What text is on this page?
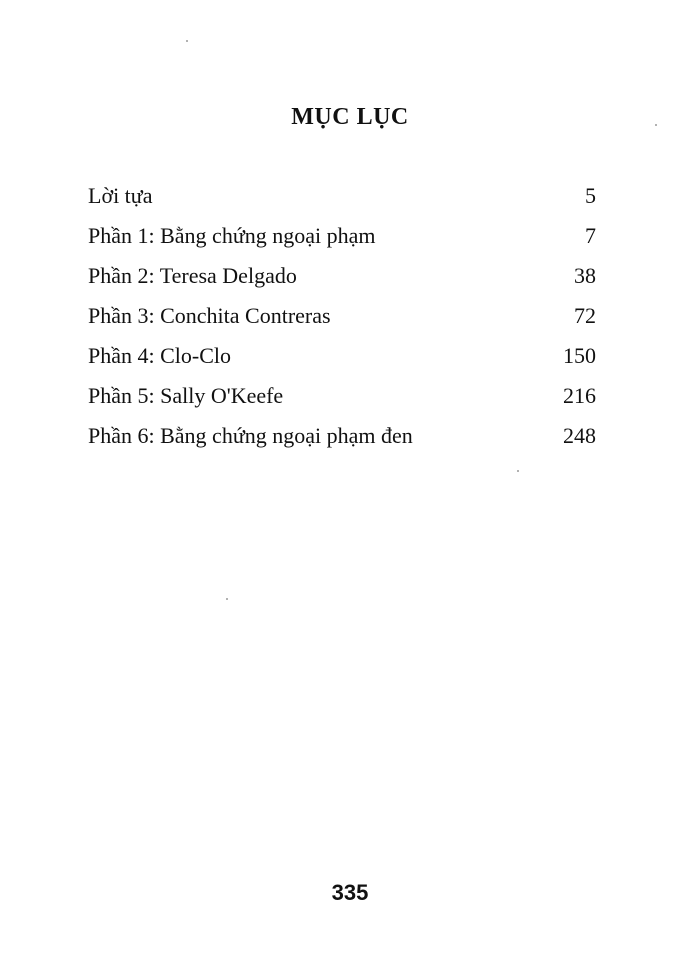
MỤC LỤC
Lời tựa	5
Phần 1: Bằng chứng ngoại phạm	7
Phần 2: Teresa Delgado	38
Phần 3: Conchita Contreras	72
Phần 4: Clo-Clo	150
Phần 5: Sally O'Keefe	216
Phần 6: Bằng chứng ngoại phạm đen	248
335
